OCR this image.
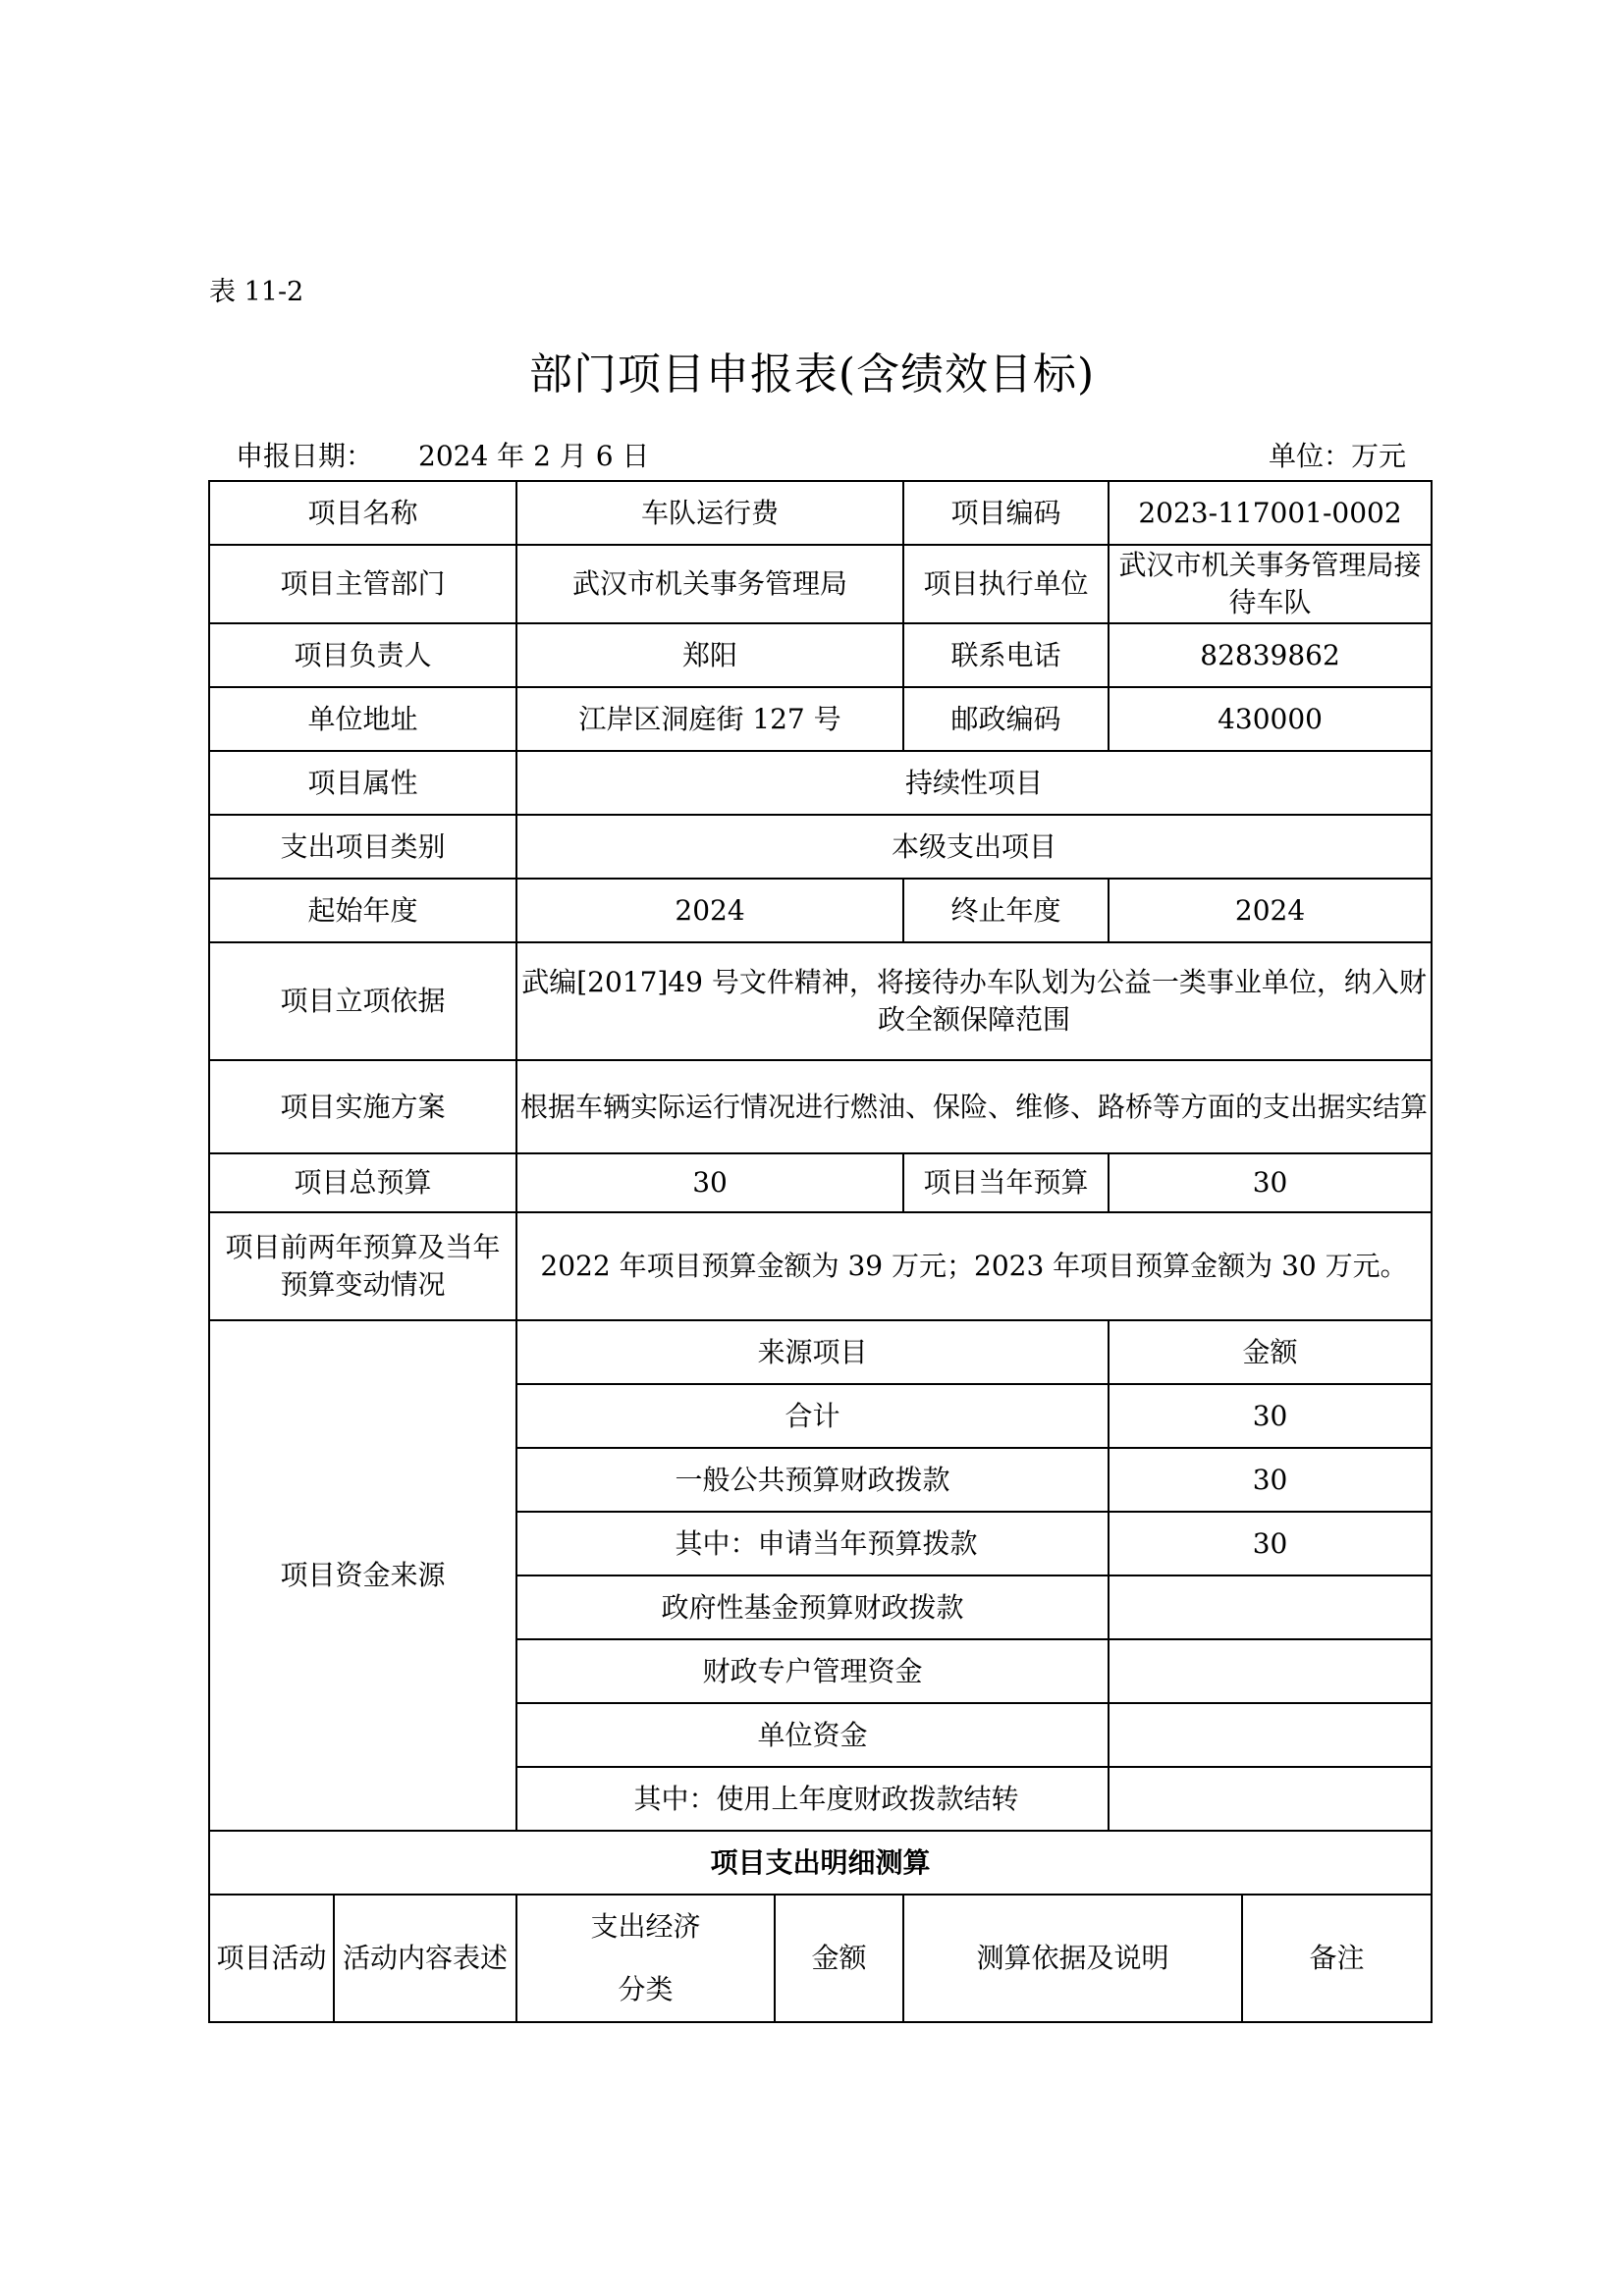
表 11-2
部门项目申报表(含绩效目标)
申报日期： 2024 年 2 月 6 日	单位：万元
项目名称		车队运行费		项目编码	2023-117001-0002
项目主管部门		武汉市机关事务管理局		项目执行单位	武汉市机关事务管理局接待车队
项目负责人		郑阳		联系电话	82839862
单位地址		江岸区洞庭街 127 号		邮政编码	430000
项目属性		持续性项目			
支出项目类别		本级支出项目			
起始年度		2024		终止年度	2024
项目立项依据		武编[2017]49 号文件精神，将接待办车队划为公益一类事业单位，纳入财政全额保障范围			
项目实施方案		根据车辆实际运行情况进行燃油、保险、维修、路桥等方面的支出据实结算			
项目总预算		30		项目当年预算	30
项目前两年预算及当年预算变动情况		2022 年项目预算金额为 39 万元；2023 年项目预算金额为 30 万元。			
项目资金来源		来源项目			金额
		合计			30
		一般公共预算财政拨款			30
		其中：申请当年预算拨款			30
		政府性基金预算财政拨款			
		财政专户管理资金			
		单位资金			
		其中：使用上年度财政拨款结转			
项目支出明细测算					
项目活动	活动内容表述	支出经济分类	金额	测算依据及说明 备注	
